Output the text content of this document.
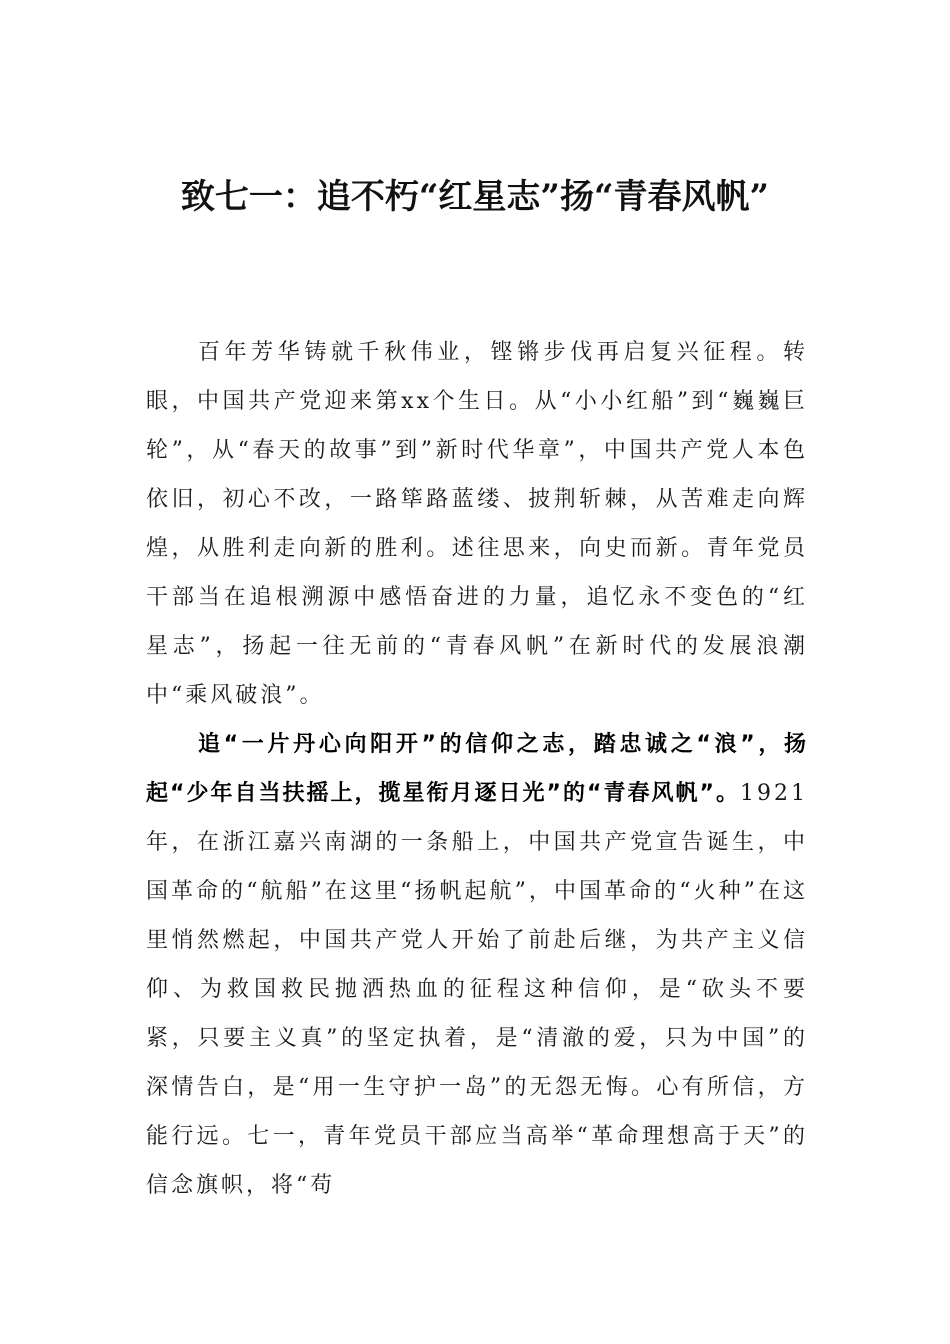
致七一：追不朽“红星志”扬“青春风帆”

百年芳华铸就千秋伟业，铿锵步伐再启复兴征程。转眼，中国共产党迎来第xx个生日。从“小小红船”到“巍巍巨轮”，从“春天的故事”到”新时代华章”，中国共产党人本色依旧，初心不改，一路筚路蓝缕、披荆斩棘，从苦难走向辉煌，从胜利走向新的胜利。述往思来，向史而新。青年党员干部当在追根溯源中感悟奋进的力量，追忆永不变色的“红星志”，扬起一往无前的“青春风帆”在新时代的发展浪潮中“乘风破浪”。

追“一片丹心向阳开”的信仰之志，踏忠诚之“浪”，扬起“少年自当扶摇上，揽星衔月逐日光”的“青春风帆”。1921年，在浙江嘉兴南湖的一条船上，中国共产党宣告诞生，中国革命的“航船”在这里“扬帆起航”，中国革命的“火种”在这里悄然燃起，中国共产党人开始了前赴后继，为共产主义信仰、为救国救民抛洒热血的征程这种信仰，是“砍头不要紧，只要主义真”的坚定执着，是“清澈的爱，只为中国”的深情告白，是“用一生守护一岛”的无怨无悔。心有所信，方能行远。七一，青年党员干部应当高举“革命理想高于天”的信念旗帜，将“苟
